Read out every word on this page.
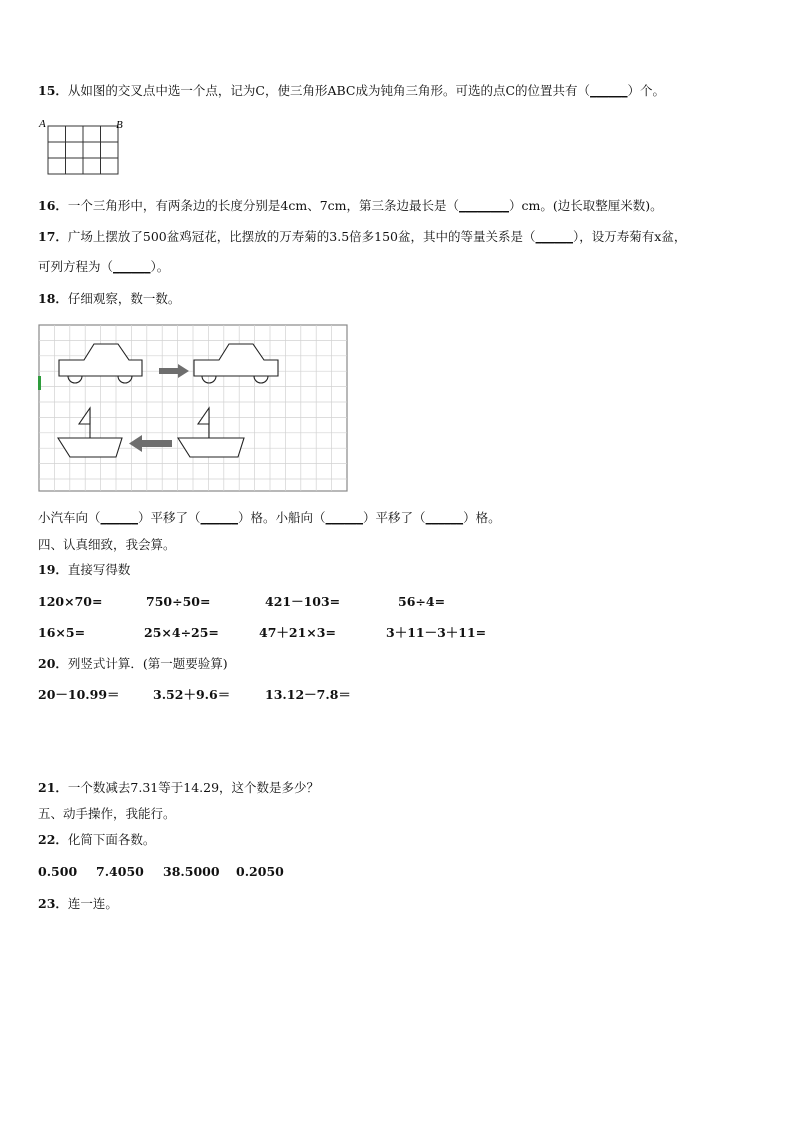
15．从如图的交叉点中选一个点，记为C，使三角形ABC成为钝角三角形。可选的点C的位置共有（______）个。
A	B
16．一个三角形中，有两条边的长度分别是4cm、7cm，第三条边最长是（________）cm。(边长取整厘米数)。
17．广场上摆放了500盆鸡冠花，比摆放的万寿菊的3.5倍多150盆，其中的等量关系是（______），设万寿菊有x盆，
可列方程为（______）。
18．仔细观察，数一数。
小汽车向（______）平移了（______）格。小船向（______）平移了（______）格。
四、认真细致，我会算。
19．直接写得数
120×70=	750÷50=	421－103=	56÷4=
16×5=	25×4÷25=	47＋21×3=	3＋11－3＋11=
20．列竖式计算．(第一题要验算)
20－10.99＝	3.52＋9.6＝	13.12－7.8＝
21．一个数减去7.31等于14.29，这个数是多少？
五、动手操作，我能行。
22．化简下面各数。
0.500 7.4050 38.5000 0.2050
23．连一连。
